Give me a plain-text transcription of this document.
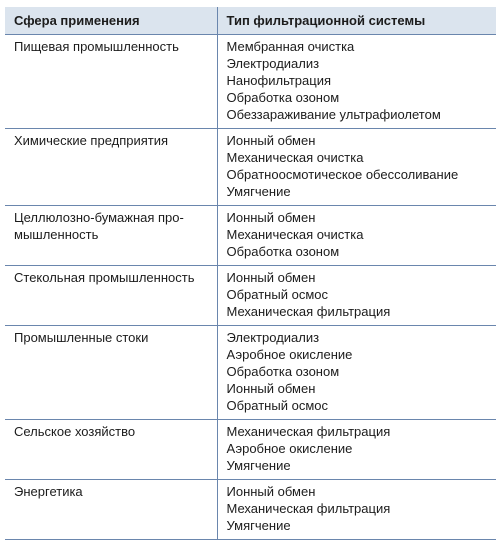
Сфера применения	Тип фильтрационной системы
Пищевая промышленность	Мембранная очистка
Электродиализ
Нанофильтрация
Обработка озоном
Обеззараживание ультрафиолетом

Химические предприятия	Ионный обмен
Механическая очистка
Обратноосмотическое обессоливание
Умягчение

Целлюлозно-бумажная про-мышленность	Ионный обмен
Механическая очистка
Обработка озоном

Стекольная промышленность	Ионный обмен
Обратный осмос
Механическая фильтрация

Промышленные стоки	Электродиализ
Аэробное окисление
Обработка озоном
Ионный обмен
Обратный осмос

Сельское хозяйство	Механическая фильтрация
Аэробное окисление
Умягчение

Энергетика	Ионный обмен
Механическая фильтрация
Умягчение
